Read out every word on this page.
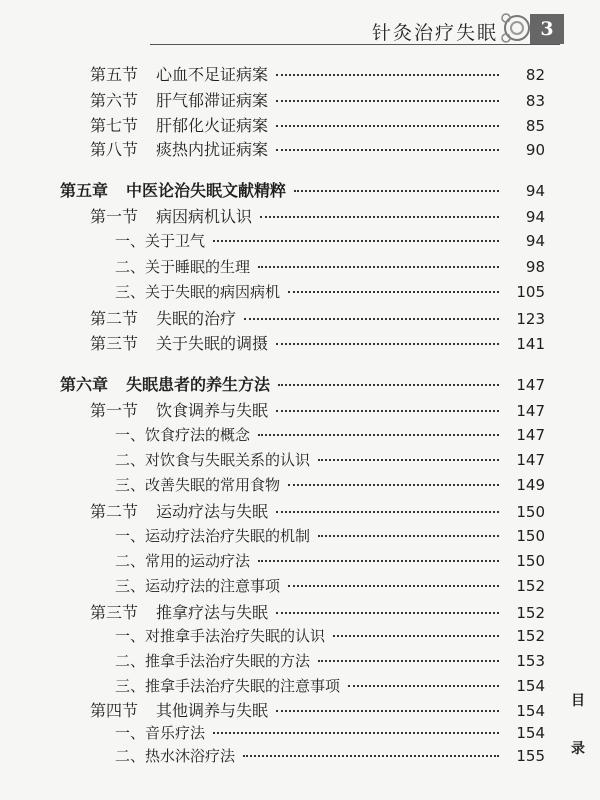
针灸治疗失眠	3
第五节 心血不足证病案	82
第六节 肝气郁滞证病案	83
第七节 肝郁化火证病案	85
第八节 痰热内扰证病案	90
第五章 中医论治失眠文献精粹	94
第一节 病因病机认识	94
一、关于卫气	94
二、关于睡眠的生理	98
三、关于失眠的病因病机	105
第二节 失眠的治疗	123
第三节 关于失眠的调摄	141
第六章 失眠患者的养生方法	147
第一节 饮食调养与失眠	147
一、饮食疗法的概念	147
二、对饮食与失眠关系的认识	147
三、改善失眠的常用食物	149
第二节 运动疗法与失眠	150
一、运动疗法治疗失眠的机制	150
二、常用的运动疗法	150
三、运动疗法的注意事项	152
第三节 推拿疗法与失眠	152
一、对推拿手法治疗失眠的认识	152
二、推拿手法治疗失眠的方法	153
三、推拿手法治疗失眠的注意事项	154
第四节 其他调养与失眠	154
一、音乐疗法	154
二、热水沐浴疗法	155
目
录
